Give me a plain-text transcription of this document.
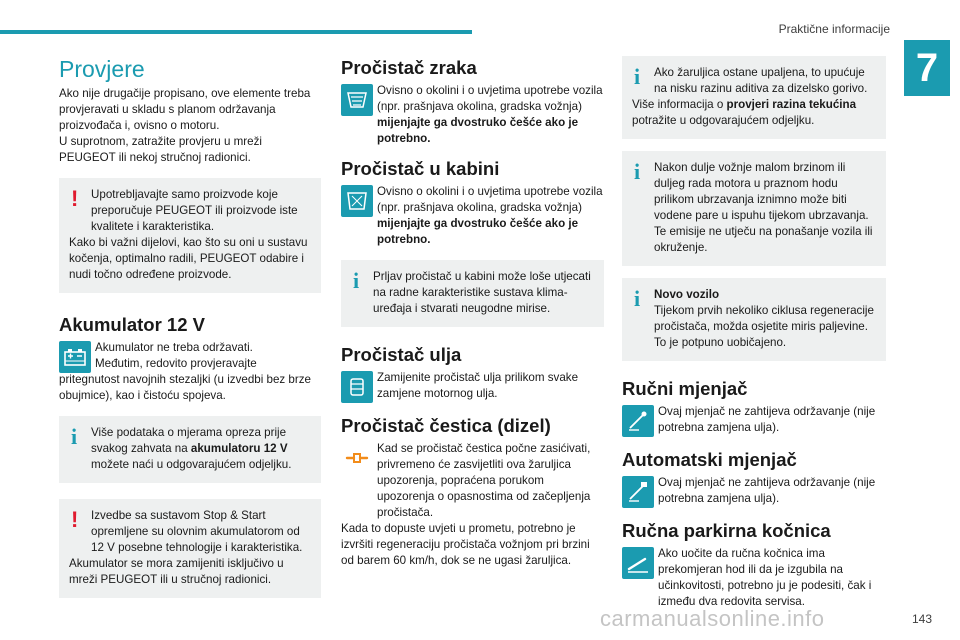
Praktične informacije
7
Provjere

Ako nije drugačije propisano, ove elemente treba provjeravati u skladu s planom održavanja proizvođača i, ovisno o motoru.

U suprotnom, zatražite provjeru u mreži PEUGEOT ili nekoj stručnoj radionici.

!	Upotrebljavajte samo proizvode koje preporučuje PEUGEOT ili proizvode iste kvalitete i karakteristika.

Kako bi važni dijelovi, kao što su oni u sustavu kočenja, optimalno radili, PEUGEOT odabire i nudi točno određene proizvode.

Akumulator 12 V

Akumulator ne treba održavati.

Međutim, redovito provjeravajte

pritegnutost navojnih stezaljki (u izvedbi bez brze obujmice), kao i čistoću spojeva.

i	Više podataka o mjerama opreza prije svakog zahvata na akumulatoru 12 V možete naći u odgovarajućem odjeljku.

!	Izvedbe sa sustavom Stop & Start opremljene su olovnim akumulatorom od 12 V posebne tehnologije i karakteristika.

Akumulator se mora zamijeniti isključivo u mreži PEUGEOT ili u stručnoj radionici.

Pročistač zraka

Ovisno o okolini i o uvjetima upotrebe vozila (npr. prašnjava okolina, gradska vožnja) mijenjajte ga dvostruko češće ako je potrebno.

Pročistač u kabini

Ovisno o okolini i o uvjetima upotrebe vozila (npr. prašnjava okolina, gradska vožnja) mijenjajte ga dvostruko češće ako je potrebno.

i	Prljav pročistač u kabini može loše utjecati na radne karakteristike sustava klima-uređaja i stvarati neugodne mirise.

Pročistač ulja

Zamijenite pročistač ulja prilikom svake zamjene motornog ulja.

Pročistač čestica (dizel)

Kad se pročistač čestica počne zasićivati, privremeno će zasvijetliti ova žaruljica upozorenja, popraćena porukom upozorenja o opasnostima od začepljenja pročistača.

Kada to dopuste uvjeti u prometu, potrebno je izvršiti regeneraciju pročistača vožnjom pri brzini od barem 60 km/h, dok se ne ugasi žaruljica.

i	Ako žaruljica ostane upaljena, to upućuje na nisku razinu aditiva za dizelsko gorivo.

Više informacija o provjeri razina tekućina potražite u odgovarajućem odjeljku.

i	Nakon dulje vožnje malom brzinom ili duljeg rada motora u praznom hodu prilikom ubrzavanja iznimno može biti vodene pare u ispuhu tijekom ubrzavanja. Te emisije ne utječu na ponašanje vozila ili okruženje.

i	Novo vozilo

Tijekom prvih nekoliko ciklusa regeneracije pročistača, možda osjetite miris paljevine. To je potpuno uobičajeno.

Ručni mjenjač

Ovaj mjenjač ne zahtijeva održavanje (nije potrebna zamjena ulja).

Automatski mjenjač

Ovaj mjenjač ne zahtijeva održavanje (nije potrebna zamjena ulja).

Ručna parkirna kočnica

Ako uočite da ručna kočnica ima prekomjeran hod ili da je izgubila na učinkovitosti, potrebno ju je podesiti, čak i između dva redovita servisa.

carmanualsonline.info	143
